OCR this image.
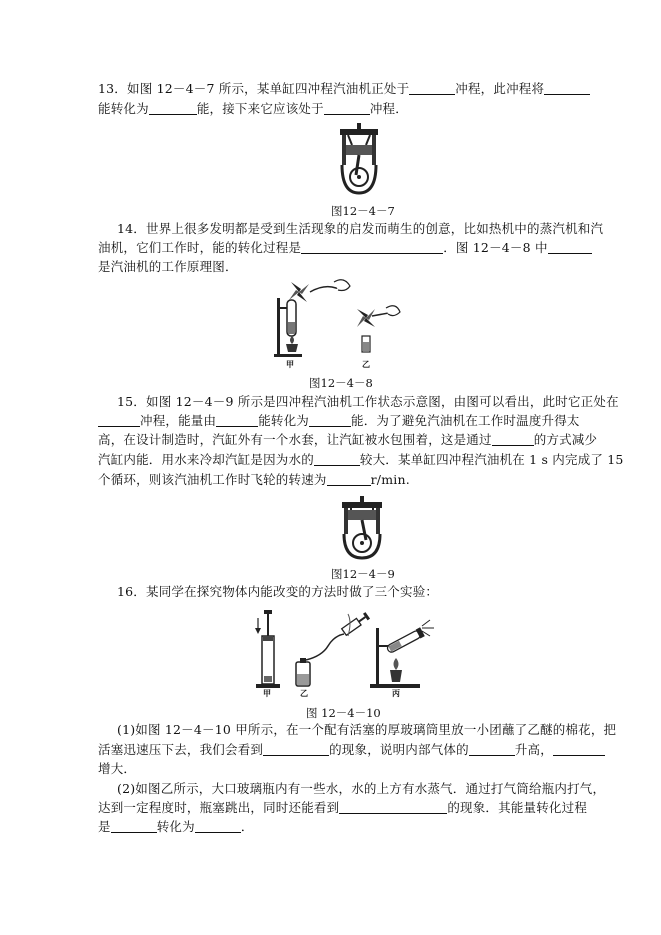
13．如图 12－4－7 所示，某单缸四冲程汽油机正处于	冲程，此冲程将
能转化为	能，接下来它应该处于	冲程．
图12－4－7
14．世界上很多发明都是受到生活现象的启发而萌生的创意，比如热机中的蒸汽机和汽
油机，它们工作时，能的转化过程是	．图 12－4－8 中
是汽油机的工作原理图．
甲	乙
图12－4－8
15．如图 12－4－9 所示是四冲程汽油机工作状态示意图，由图可以看出，此时它正处在
冲程，能量由	能转化为	能．为了避免汽油机在工作时温度升得太
高，在设计制造时，汽缸外有一个水套，让汽缸被水包围着，这是通过	的方式减少
汽缸内能．用水来冷却汽缸是因为水的	较大．某单缸四冲程汽油机在 1 s 内完成了 15
个循环，则该汽油机工作时飞轮的转速为	r/min.
图12－4－9
16．某同学在探究物体内能改变的方法时做了三个实验：
甲	乙	丙
图 12－4－10
(1)如图 12－4－10 甲所示，在一个配有活塞的厚玻璃筒里放一小团蘸了乙醚的棉花，把
活塞迅速压下去，我们会看到	的现象，说明内部气体的	升高，
增大．
(2)如图乙所示，大口玻璃瓶内有一些水，水的上方有水蒸气．通过打气筒给瓶内打气，
达到一定程度时，瓶塞跳出，同时还能看到	的现象．其能量转化过程
是	转化为	．
